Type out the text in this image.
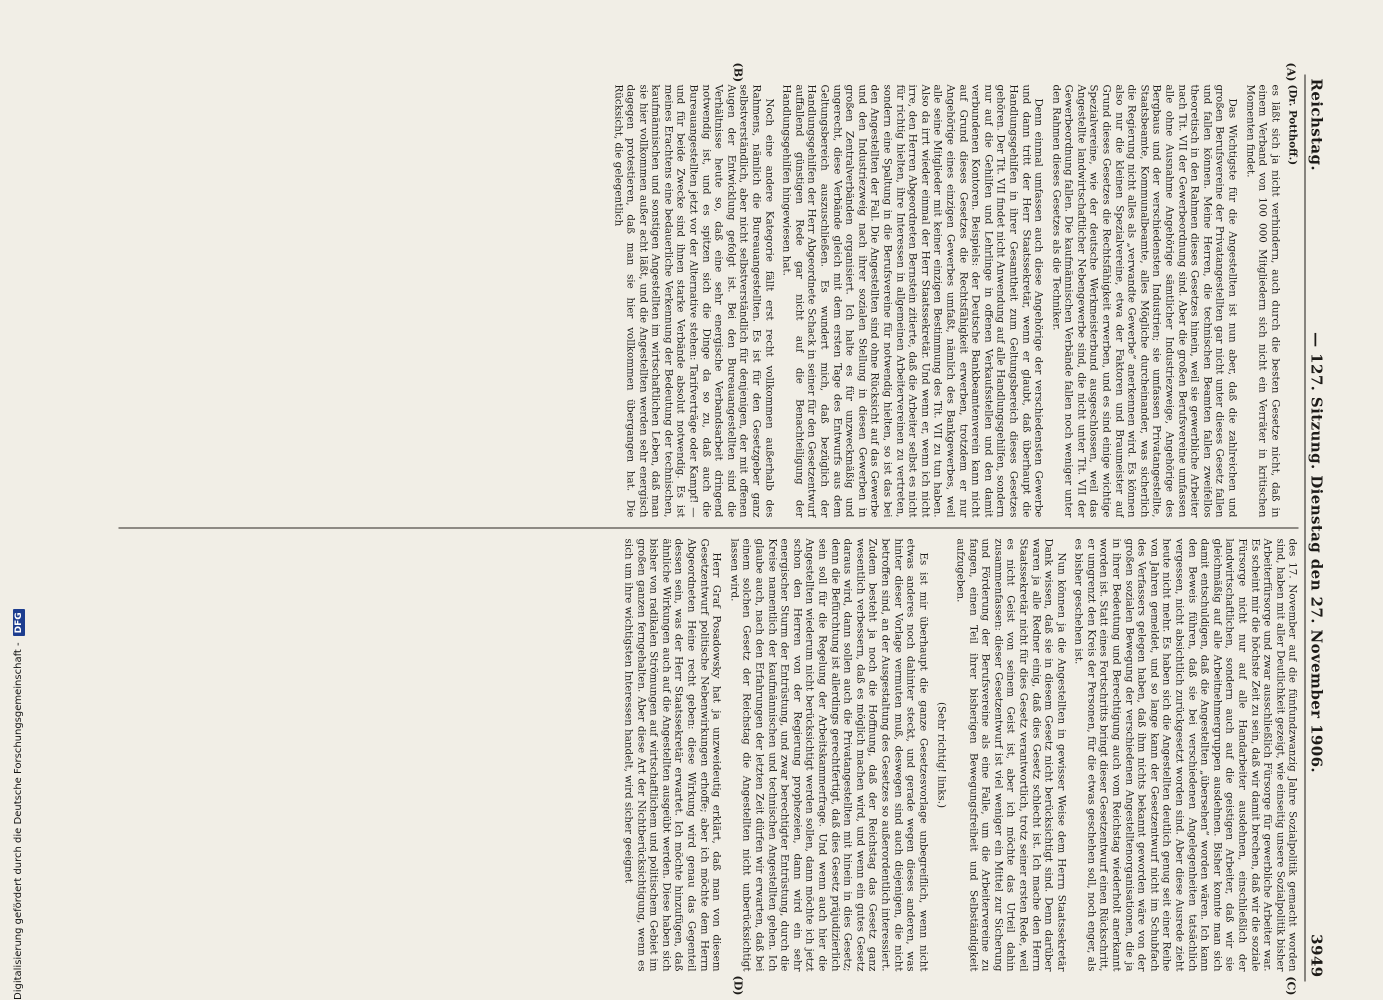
Reichstag.
— 127. Sitzung. Dienstag den 27. November 1906.
3949
(A)
(B)

(Dr. Potthoff.)

es läßt sich ja nicht verhindern, auch durch die besten Gesetze nicht, daß in einem Verband von 100 000 Mitgliedern sich nicht ein Verräter in kritischen Momenten findet.

Das Wichtigste für die Angestellten ist nun aber, daß die zahlreichen und großen Berufsvereine der Privatangestellten gar nicht unter dieses Gesetz fallen und fallen können. Meine Herren, die technischen Beamten fallen zweifellos theoretisch in den Rahmen dieses Gesetzes hinein, weil sie gewerbliche Arbeiter nach Tit. VII der Gewerbeordnung sind. Aber die großen Berufsvereine umfassen alle ohne Ausnahme Angehörige sämtlicher Industriezweige, Angehörige des Bergbaus und der verschiedensten Industrien; sie umfassen Privatangestellte, Staatsbeamte, Kommunalbeamte, alles Mögliche durcheinander, was sicherlich die Regierung nicht alles als „verwandte Gewerbe“ anerkennen wird. Es können also nur die kleinen Spezialvereine, etwa der Faktoren und Braumeister auf Grund dieses Gesetzes die Rechtsfähigkeit erwerben, und es sind einige wichtige Spezialvereine, wie der deutsche Werkmeisterbund ausgeschlossen, weil das Angestellte landwirtschaftlicher Nebengewerbe sind, die nicht unter Tit. VII der Gewerbeordnung fallen. Die kaufmännischen Verbände fallen noch weniger unter den Rahmen dieses Gesetzes als die Techniker.

Denn einmal umfassen auch diese Angehörige der verschiedensten Gewerbe und dann tritt der Herr Staatssekretär, wenn er glaubt, daß überhaupt die Handlungsgehilfen in ihrer Gesamtheit zum Geltungsbereich dieses Gesetzes gehören. Der Tit. VII findet nicht Anwendung auf alle Handlungsgehilfen, sondern nur auf die Gehilfen und Lehrlinge in offenen Verkaufsstellen und den damit verbundenen Kontoren. Beispiels: der Deutsche Bankbeamtenverein kann nicht auf Grund dieses Gesetzes die Rechtsfähigkeit erwerben, trotzdem er nur Angehörige eines einzigen Gewerbes umfaßt, nämlich des Bankgewerbes, weil alle seine Mitglieder mit keiner einzigen Bestimmung des Tit. VII zu tun haben. Also da irrt wieder einmal der Herr Staatssekretär. Und wenn er, wenn ich nicht irre, den Herren Abgeordneten Bernstein zitierte, daß die Arbeiter selbst es nicht für richtig hielten, ihre Interessen in allgemeinen Arbeitervereinen zu vertreten, sondern eine Spaltung in die Berufsvereine für notwendig hielten, so ist das bei den Angestellten der Fall. Die Angestellten sind ohne Rücksicht auf das Gewerbe und den Industriezweig nach ihrer sozialen Stellung in diesen Gewerben in großen Zentralverbänden organisiert. Ich halte es für unzweckmäßig und ungerecht, diese Verbände gleich mit dem ersten Tage des Entwurfs aus dem Geltungsbereich auszuschließen. Es wundert mich, daß bezüglich der Handlungsgehilfen der Herr Abgeordnete Schack in seiner für den Gesetzentwurf auffallend günstigen Rede gar nicht auf die Benachteiligung der Handlungsgehilfen hingewiesen hat.

Noch eine andere Kategorie fällt erst recht vollkommen außerhalb des Rahmens, nämlich die Bureauangestellten. Es ist für den Gesetzgeber ganz selbstverständlich, aber nicht selbstverständlich für denjenigen, der mit offenen Augen der Entwicklung gefolgt ist. Bei den Bureauangestellten sind die Verhältnisse heute so, daß eine sehr energische Verbandsarbeit dringend notwendig ist, und es spitzen sich die Dinge da so zu, daß auch die Bureauangestellten jetzt vor der Alternative stehen: Tarifverträge oder Kampf! — und für beide Zwecke sind ihnen starke Verbände absolut notwendig. Es ist meines Erachtens eine bedauerliche Verkennung der Bedeutung der technischen, kaufmännischen und sonstigen Angestellten im wirtschaftlichen Leben, daß man sie hier vollkommen außer acht läßt, und die Angestellten werden sehr energisch dagegen protestieren, daß man sie hier vollkommen übergangen hat. Die Rücksicht, die gelegentlich

(C)
(D)

des 17. November auf die fünfundzwanzig Jahre Sozialpolitik gemacht worden sind, haben mit aller Deutlichkeit gezeigt, wie einseitig unsere Sozialpolitik bisher Arbeiterfürsorge und zwar ausschließlich Fürsorge für gewerbliche Arbeiter war. Es scheint mir die höchste Zeit zu sein, daß wir damit brechen, daß wir die soziale Fürsorge nicht nur auf alle Handarbeiter ausdehnen, einschließlich der landwirtschaftlichen, sondern auch auf die geistigen Arbeiter, daß wir sie gleichmäßig auf alle Arbeitnehmergruppen ausdehnen. Bisher konnte man sich damit entschuldigen, daß die Angestellten „übersehen“ worden wären. Ich kann den Beweis führen, daß sie bei verschiedenen Angelegenheiten tatsächlich vergessen, nicht absichtlich zurückgesetzt worden sind. Aber diese Ausrede zieht heute nicht mehr. Es haben sich die Angestellten deutlich genug seit einer Reihe von Jahren gemeldet, und so lange kann der Gesetzentwurf nicht im Schubfach des Verfassers gelegen haben, daß ihm nichts bekannt geworden wäre von der großen sozialen Bewegung der verschiedenen Angestelltenorganisationen, die ja in ihrer Bedeutung und Berechtigung auch vom Reichstag wiederholt anerkannt worden ist. Statt eines Fortschritts bringt dieser Gesetzentwurf einen Rückschritt, er umgrenzt den Kreis der Personen, für die etwas geschehen soll, noch enger, als es bisher geschehen ist.

Nun können ja die Angestellten in gewisser Weise dem Herrn Staatssekretär Dank wissen, daß sie in diesem Gesetz nicht berücksichtigt sind. Denn darüber waren ja alle Redner einig, daß dies Gesetz schlecht ist. Ich mache den Herrn Staatssekretär nicht für dies Gesetz verantwortlich, trotz seiner ersten Rede, weil es nicht Geist von seinem Geist ist, aber ich möchte das Urteil dahin zusammenfassen: dieser Gesetzentwurf ist viel weniger ein Mittel zur Sicherung und Förderung der Berufsvereine als eine Falle, um die Arbeitervereine zu fangen, einen Teil ihrer bisherigen Bewegungsfreiheit und Selbständigkeit aufzugeben.

(Sehr richtig! links.)

Es ist mir überhaupt die ganze Gesetzesvorlage unbegreiflich, wenn nicht etwas anderes noch dahinter steckt, und gerade wegen dieses anderen, was hinter dieser Vorlage vermuten muß, deswegen sind auch diejenigen, die nicht betroffen sind, an der Ausgestaltung des Gesetzes so außerordentlich interessiert. Zudem besteht ja noch die Hoffnung, daß der Reichstag das Gesetz ganz wesentlich verbessern, daß es möglich machen wird, und wenn ein gutes Gesetz daraus wird, dann sollen auch die Privatangestellten mit hinein in dies Gesetz; denn die Befürchtung ist allerdings gerechtfertigt, daß dies Gesetz präjudizierlich sein soll für die Regelung der Arbeitskammerfrage. Und wenn auch hier die Angestellten wiederum nicht berücksichtigt werden sollen, dann möchte ich jetzt schon den Herren von der Regierung prophezeien, dann wird ein sehr energischer Sturm der Entrüstung, und zwar berechtigter Entrüstung, durch die Kreise namentlich der kaufmännischen und technischen Angestellten gehen. Ich glaube auch, nach den Erfahrungen der letzten Zeit dürfen wir erwarten, daß bei einem solchen Gesetz der Reichstag die Angestellten nicht unberücksichtigt lassen wird.

Herr Graf Posadowsky hat ja unzweideutig erklärt, daß man von diesem Gesetzentwurf politische Nebenwirkungen erhoffe; aber ich möchte dem Herrn Abgeordneten Heine recht geben: diese Wirkung wird genau das Gegenteil dessen sein, was der Herr Staatssekretär erwartet. Ich möchte hinzufügen, daß ähnliche Wirkungen auch auf die Angestellten ausgeübt werden. Diese haben sich bisher von radikalen Strömungen auf wirtschaftlichem und politischem Gebiet im großen ganzen ferngehalten. Aber diese Art der Nichtberücksichtigung, wenn es sich um ihre wichtigsten Interessen handelt, wird sicher geeignet

Digitalisierung gefördert durch die Deutsche Forschungsgemeinschaft -
DFG
